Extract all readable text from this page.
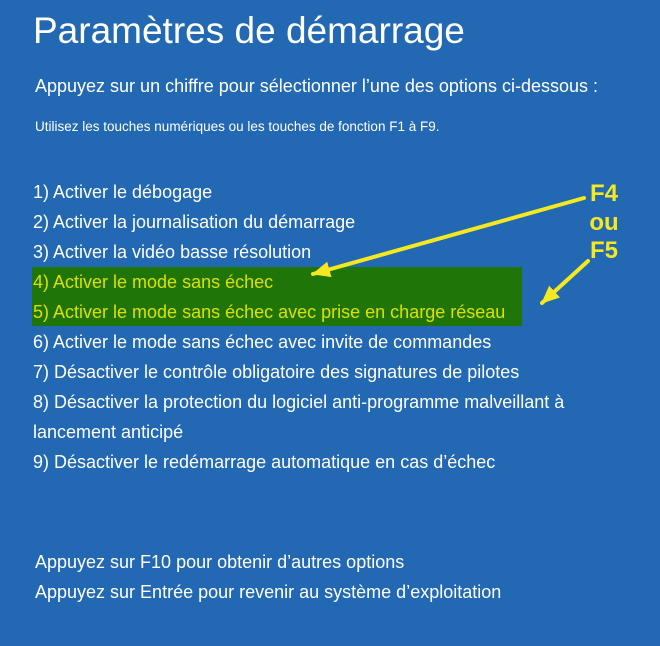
Paramètres de démarrage

Appuyez sur un chiffre pour sélectionner l’une des options ci-dessous :

Utilisez les touches numériques ou les touches de fonction F1 à F9.

1) Activer le débogage
2) Activer la journalisation du démarrage
3) Activer la vidéo basse résolution
4) Activer le mode sans échec
5) Activer le mode sans échec avec prise en charge réseau
6) Activer le mode sans échec avec invite de commandes
7) Désactiver le contrôle obligatoire des signatures de pilotes
8) Désactiver la protection du logiciel anti-programme malveillant à
lancement anticipé
9) Désactiver le redémarrage automatique en cas d’échec

Appuyez sur F10 pour obtenir d’autres options

Appuyez sur Entrée pour revenir au système d’exploitation

F4
ou
F5
